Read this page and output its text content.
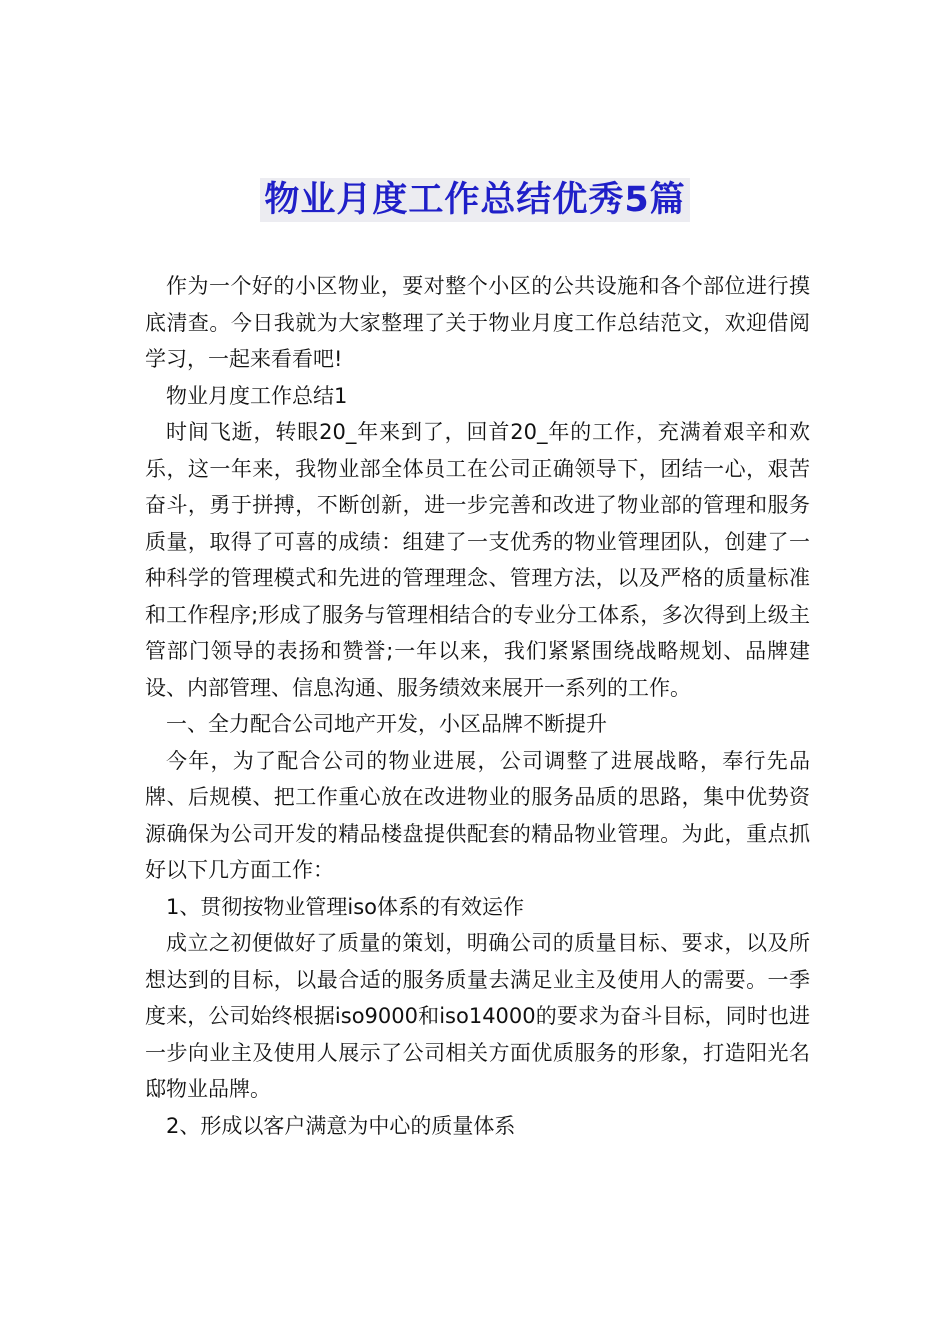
物业月度工作总结优秀5篇

作为一个好的小区物业，要对整个小区的公共设施和各个部位进行摸底清查。今日我就为大家整理了关于物业月度工作总结范文，欢迎借阅学习，一起来看看吧!

物业月度工作总结1

时间飞逝，转眼20_年来到了，回首20_年的工作，充满着艰辛和欢乐，这一年来，我物业部全体员工在公司正确领导下，团结一心，艰苦奋斗，勇于拼搏，不断创新，进一步完善和改进了物业部的管理和服务质量，取得了可喜的成绩：组建了一支优秀的物业管理团队，创建了一种科学的管理模式和先进的管理理念、管理方法，以及严格的质量标准和工作程序;形成了服务与管理相结合的专业分工体系，多次得到上级主管部门领导的表扬和赞誉;一年以来，我们紧紧围绕战略规划、品牌建设、内部管理、信息沟通、服务绩效来展开一系列的工作。

一、全力配合公司地产开发，小区品牌不断提升

今年，为了配合公司的物业进展，公司调整了进展战略，奉行先品牌、后规模、把工作重心放在改进物业的服务品质的思路，集中优势资源确保为公司开发的精品楼盘提供配套的精品物业管理。为此，重点抓好以下几方面工作：

1、贯彻按物业管理iso体系的有效运作

成立之初便做好了质量的策划，明确公司的质量目标、要求，以及所想达到的目标，以最合适的服务质量去满足业主及使用人的需要。一季度来，公司始终根据iso9000和iso14000的要求为奋斗目标，同时也进一步向业主及使用人展示了公司相关方面优质服务的形象，打造阳光名邸物业品牌。

2、形成以客户满意为中心的质量体系
